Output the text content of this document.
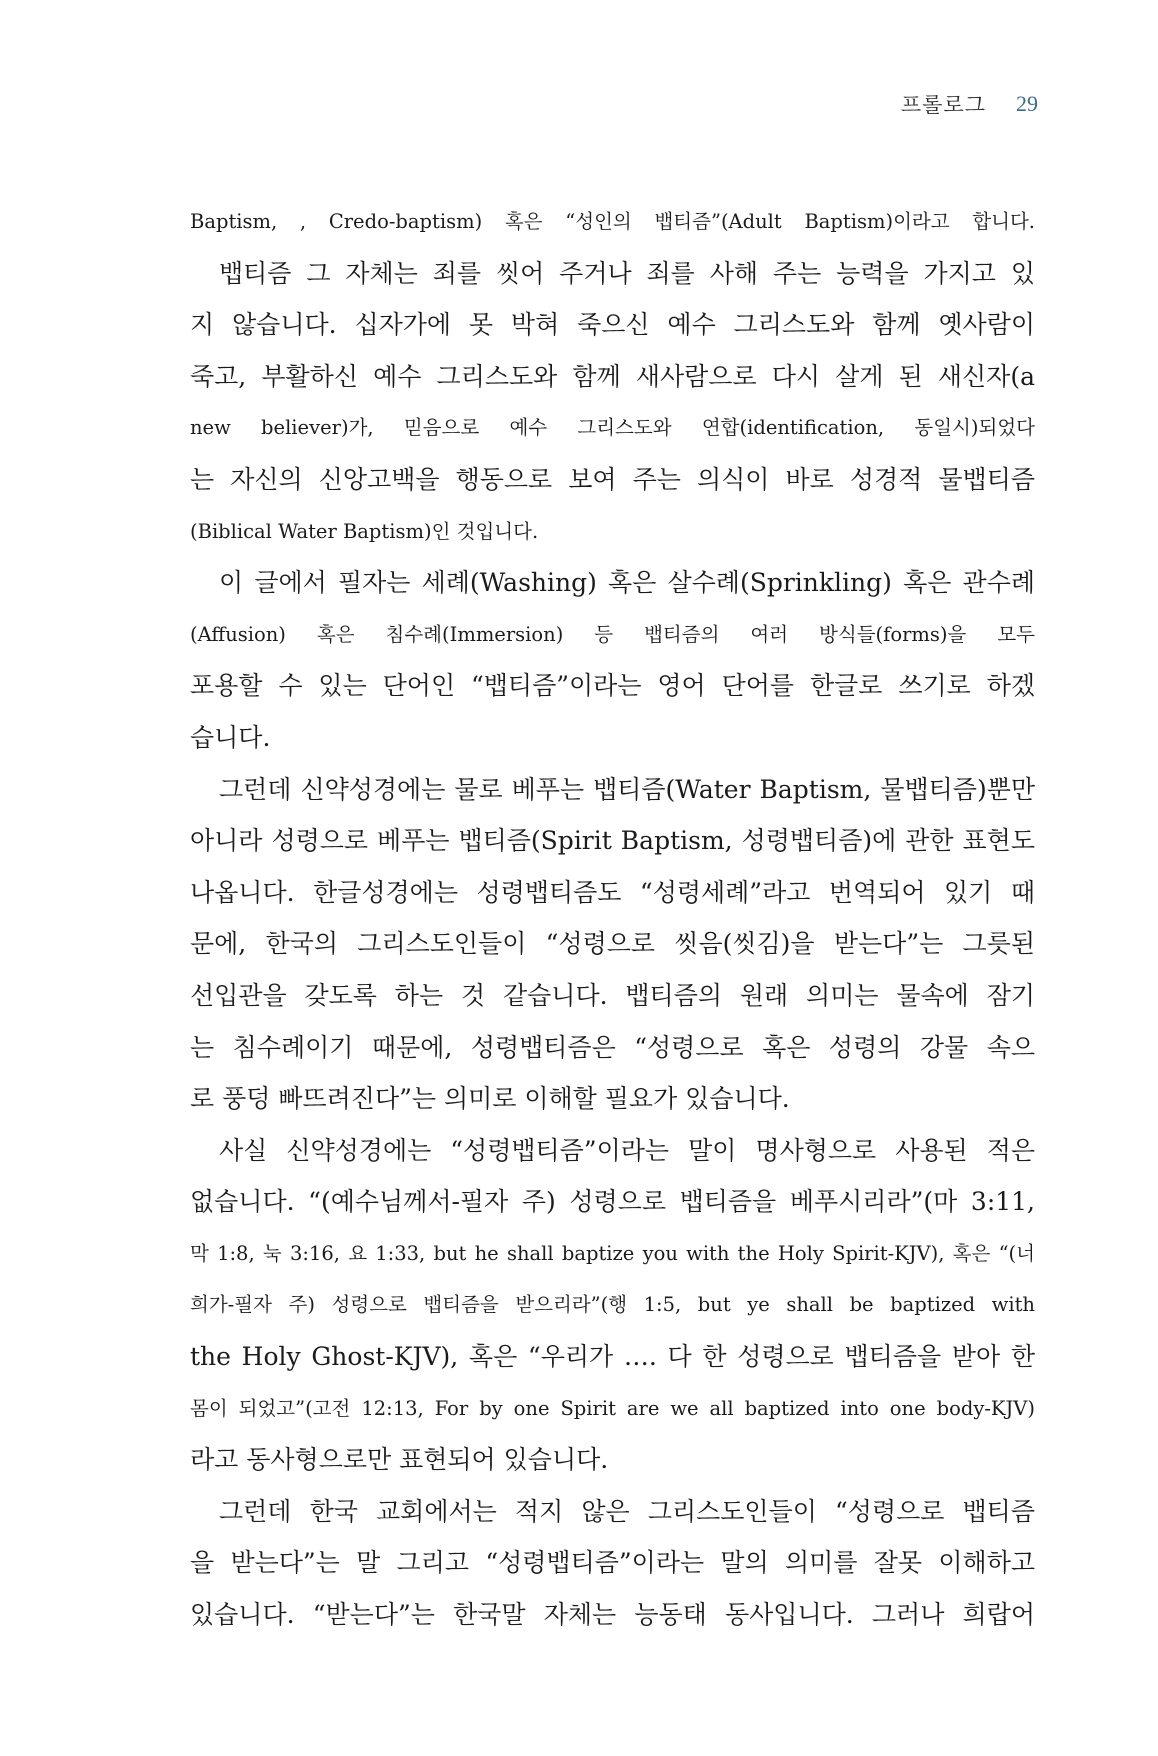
프롤로그 29
Baptism, , Credo-baptism) 혹은 “성인의 뱁티즘”(Adult Baptism)이라고 합니다.
뱁티즘 그 자체는 죄를 씻어 주거나 죄를 사해 주는 능력을 가지고 있
지 않습니다. 십자가에 못 박혀 죽으신 예수 그리스도와 함께 옛사람이
죽고, 부활하신 예수 그리스도와 함께 새사람으로 다시 살게 된 새신자(a
new believer)가, 믿음으로 예수 그리스도와 연합(identification, 동일시)되었다
는 자신의 신앙고백을 행동으로 보여 주는 의식이 바로 성경적 물뱁티즘
(Biblical Water Baptism)인 것입니다.
이 글에서 필자는 세례(Washing) 혹은 살수례(Sprinkling) 혹은 관수례
(Affusion) 혹은 침수례(Immersion) 등 뱁티즘의 여러 방식들(forms)을 모두
포용할 수 있는 단어인 “뱁티즘”이라는 영어 단어를 한글로 쓰기로 하겠
습니다.
그런데 신약성경에는 물로 베푸는 뱁티즘(Water Baptism, 물뱁티즘)뿐만
아니라 성령으로 베푸는 뱁티즘(Spirit Baptism, 성령뱁티즘)에 관한 표현도
나옵니다. 한글성경에는 성령뱁티즘도 “성령세례”라고 번역되어 있기 때
문에, 한국의 그리스도인들이 “성령으로 씻음(씻김)을 받는다”는 그릇된
선입관을 갖도록 하는 것 같습니다. 뱁티즘의 원래 의미는 물속에 잠기
는 침수례이기 때문에, 성령뱁티즘은 “성령으로 혹은 성령의 강물 속으
로 풍덩 빠뜨려진다”는 의미로 이해할 필요가 있습니다.
사실 신약성경에는 “성령뱁티즘”이라는 말이 명사형으로 사용된 적은
없습니다. “(예수님께서-필자 주) 성령으로 뱁티즘을 베푸시리라”(마 3:11,
막 1:8, 눅 3:16, 요 1:33, but he shall baptize you with the Holy Spirit-KJV), 혹은 “(너
희가-필자 주) 성령으로 뱁티즘을 받으리라”(행 1:5, but ye shall be baptized with
the Holy Ghost-KJV), 혹은 “우리가 …. 다 한 성령으로 뱁티즘을 받아 한
몸이 되었고”(고전 12:13, For by one Spirit are we all baptized into one body-KJV)
라고 동사형으로만 표현되어 있습니다.
그런데 한국 교회에서는 적지 않은 그리스도인들이 “성령으로 뱁티즘
을 받는다”는 말 그리고 “성령뱁티즘”이라는 말의 의미를 잘못 이해하고
있습니다. “받는다”는 한국말 자체는 능동태 동사입니다. 그러나 희랍어
